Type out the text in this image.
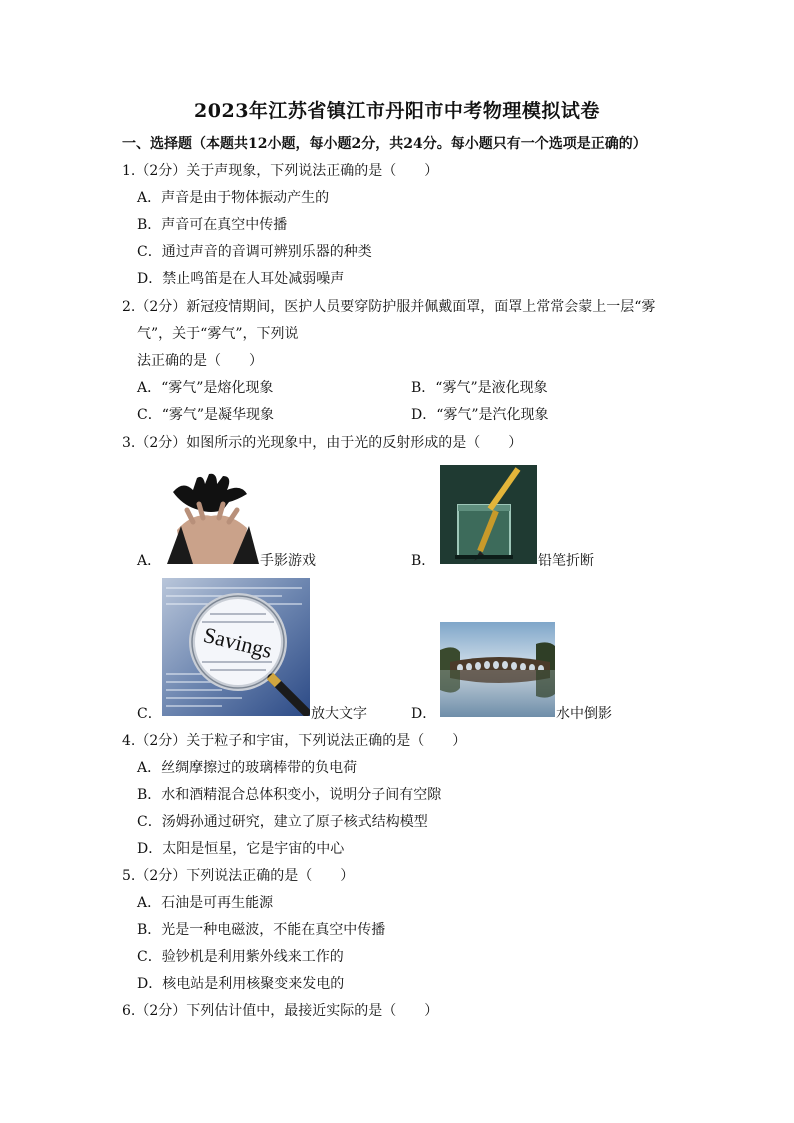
2023年江苏省镇江市丹阳市中考物理模拟试卷
一、选择题（本题共12小题，每小题2分，共24分。每小题只有一个选项是正确的）
1.（2分）关于声现象，下列说法正确的是（　　）
A．声音是由于物体振动产生的
B．声音可在真空中传播
C．通过声音的音调可辨别乐器的种类
D．禁止鸣笛是在人耳处减弱噪声
2.（2分）新冠疫情期间，医护人员要穿防护服并佩戴面罩，面罩上常常会蒙上一层“雾
气”，关于“雾气”，下列说
法正确的是（　　）
A．“雾气”是熔化现象	B．“雾气”是液化现象
C．“雾气”是凝华现象	D．“雾气”是汽化现象
3.（2分）如图所示的光现象中，由于光的反射形成的是（　　）
A．	手影游戏	B．	铅笔折断
Savings
C．	放大文字	D．	水中倒影
4.（2分）关于粒子和宇宙，下列说法正确的是（　　）
A．丝绸摩擦过的玻璃棒带的负电荷
B．水和酒精混合总体积变小，说明分子间有空隙
C．汤姆孙通过研究，建立了原子核式结构模型
D．太阳是恒星，它是宇宙的中心
5.（2分）下列说法正确的是（　　）
A．石油是可再生能源
B．光是一种电磁波，不能在真空中传播
C．验钞机是利用紫外线来工作的
D．核电站是利用核聚变来发电的
6.（2分）下列估计值中，最接近实际的是（　　）
